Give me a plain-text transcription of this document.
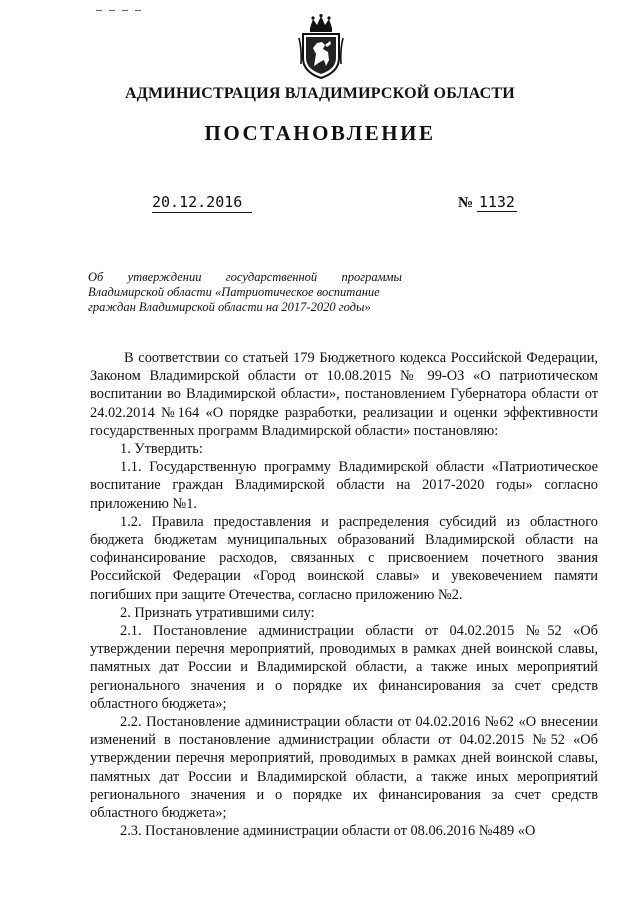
АДМИНИСТРАЦИЯ ВЛАДИМИРСКОЙ ОБЛАСТИ
ПОСТАНОВЛЕНИЕ
20.12.2016	№ 1132
Об утверждении государственной программы
Владимирской области «Патриотическое воспитание
граждан Владимирской области на 2017-2020 годы»

В соответствии со статьей 179 Бюджетного кодекса Российской Федерации, Законом Владимирской области от 10.08.2015 № 99-ОЗ «О патриотическом воспитании во Владимирской области», постановлением Губернатора области от 24.02.2014 №164 «О порядке разработки, реализации и оценки эффективности государственных программ Владимирской области» постановляю:

1. Утвердить:

1.1. Государственную программу Владимирской области «Патриотическое воспитание граждан Владимирской области на 2017-2020 годы» согласно приложению №1.

1.2. Правила предоставления и распределения субсидий из областного бюджета бюджетам муниципальных образований Владимирской области на софинансирование расходов, связанных с присвоением почетного звания Российской Федерации «Город воинской славы» и увековечением памяти погибших при защите Отечества, согласно приложению №2.

2. Признать утратившими силу:

2.1. Постановление администрации области от 04.02.2015 №52 «Об утверждении перечня мероприятий, проводимых в рамках дней воинской славы, памятных дат России и Владимирской области, а также иных мероприятий регионального значения и о порядке их финансирования за счет средств областного бюджета»;

2.2. Постановление администрации области от 04.02.2016 №62 «О внесении изменений в постановление администрации области от 04.02.2015 №52 «Об утверждении перечня мероприятий, проводимых в рамках дней воинской славы, памятных дат России и Владимирской области, а также иных мероприятий регионального значения и о порядке их финансирования за счет средств областного бюджета»;

2.3. Постановление администрации области от 08.06.2016 №489 «О
